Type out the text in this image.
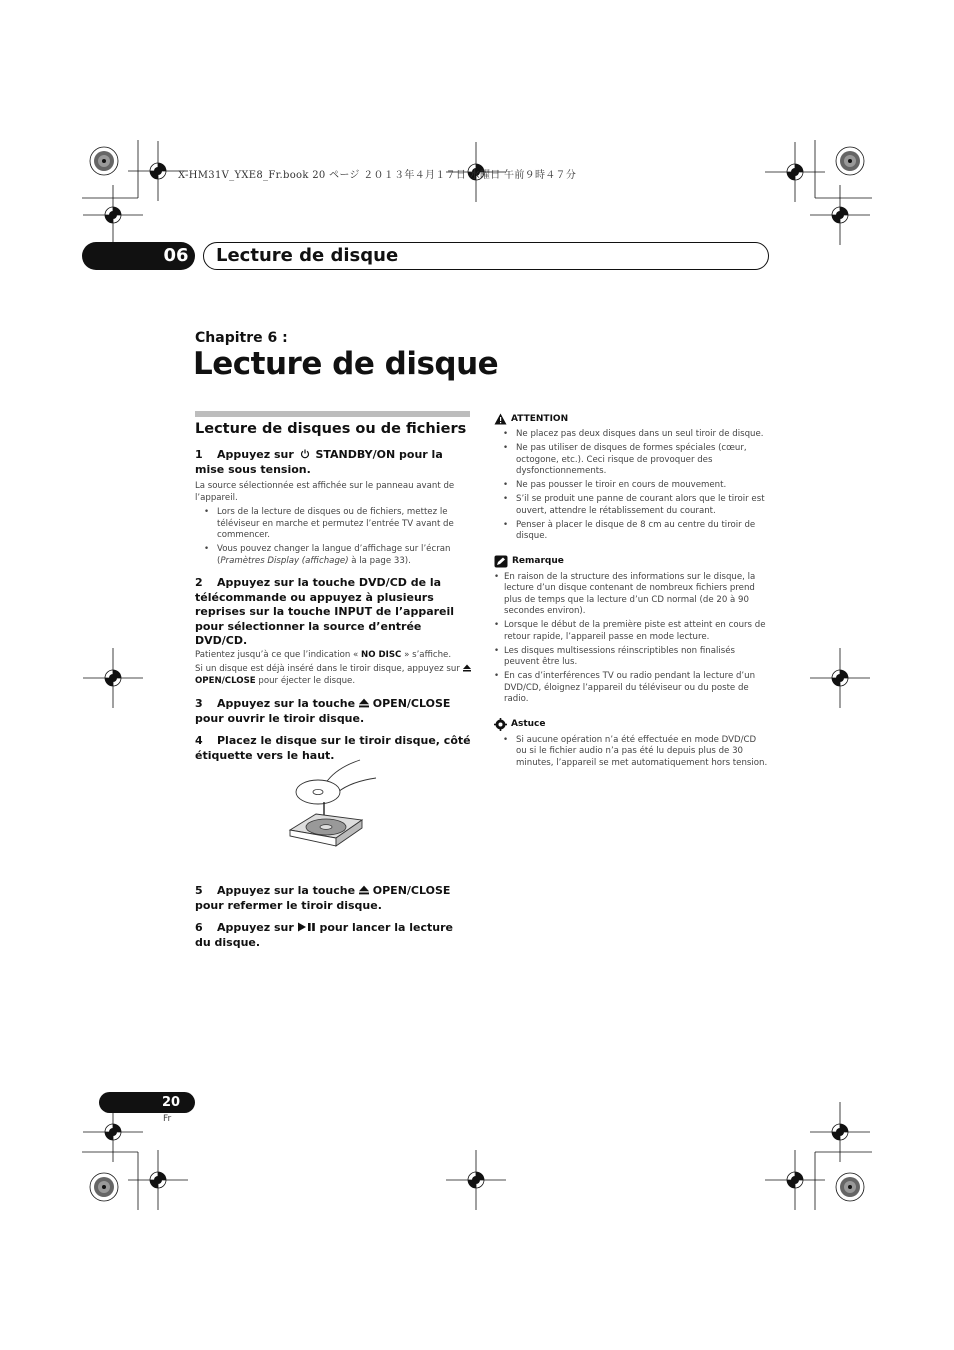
X-HM31V_YXE8_Fr.book 20 ページ ２０１３年４月１７日 水曜日 午前９時４７分
06 Lecture de disque
Chapitre 6 :
Lecture de disque
Lecture de disques ou de fichiers
1 Appuyez sur STANDBY/ON pour la mise sous tension.
La source sélectionnée est affichée sur le panneau avant de l’appareil.
• Lors de la lecture de disques ou de fichiers, mettez le téléviseur en marche et permutez l’entrée TV avant de commencer.
• Vous pouvez changer la langue d’affichage sur l’écran (Pramètres Display (affichage) à la page 33).
2 Appuyez sur la touche DVD/CD de la télécommande ou appuyez à plusieurs reprises sur la touche INPUT de l’appareil pour sélectionner la source d’entrée DVD/CD.
Patientez jusqu’à ce que l’indication « NO DISC » s’affiche.
Si un disque est déjà inséré dans le tiroir disque, appuyez sur  OPEN/CLOSE pour éjecter le disque.
3 Appuyez sur la touche OPEN/CLOSE pour ouvrir le tiroir disque.
4 Placez le disque sur le tiroir disque, côté étiquette vers le haut.
5 Appuyez sur la touche OPEN/CLOSE pour refermer le tiroir disque.
6 Appuyez sur pour lancer la lecture du disque.
ATTENTION
• Ne placez pas deux disques dans un seul tiroir de disque.
• Ne pas utiliser de disques de formes spéciales (cœur, octogone, etc.). Ceci risque de provoquer des dysfonctionnements.
• Ne pas pousser le tiroir en cours de mouvement.
• S’il se produit une panne de courant alors que le tiroir est ouvert, attendre le rétablissement du courant.
• Penser à placer le disque de 8 cm au centre du tiroir de disque.
Remarque
• En raison de la structure des informations sur le disque, la lecture d’un disque contenant de nombreux fichiers prend plus de temps que la lecture d’un CD normal (de 20 à 90 secondes environ).
• Lorsque le début de la première piste est atteint en cours de retour rapide, l’appareil passe en mode lecture.
• Les disques multisessions réinscriptibles non finalisés peuvent être lus.
• En cas d’interférences TV ou radio pendant la lecture d’un DVD/CD, éloignez l’appareil du téléviseur ou du poste de radio.
Astuce
• Si aucune opération n’a été effectuée en mode DVD/CD ou si le fichier audio n’a pas été lu depuis plus de 30 minutes, l’appareil se met automatiquement hors tension.
20
Fr
